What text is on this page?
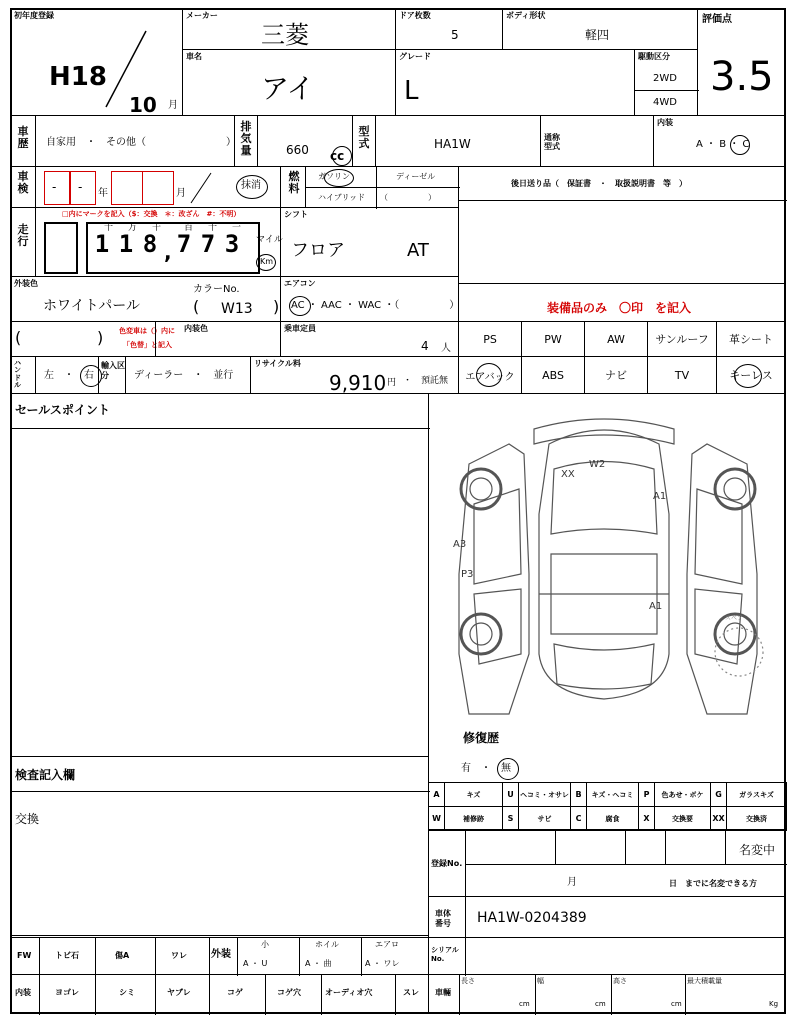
初年度登録
H18
10 月
メーカー
三菱
ドア枚数
5
ボディ形状
軽四
評価点
3.5
車名
アイ
グレード
L
駆動区分
2WD
4WD
車歴 自家用　・　その他（　　　　　　　　）
排気量	660 cc
型式	HA1W	通称型式
内装
A ・ B ・ C
車検 - - 年	月
抹消
燃料
ガソリン	ディーゼル
ハイブリッド （　　　　　）
後日送り品（　保証書　・　取扱説明書　等　）
走行
□内にマークを記入（$：交換　＊：改ざん　#：不明）
十 万 千	百 十 一
1 1 8 , 7 7 3	マイル
Km
シフト
フロア	AT
外装色
ホワイトパール
カラーNo.
( W13 )
エアコン
AC ・ AAC ・ WAC ・（　　　　　）	装備品のみ　〇印　を記入
(	) 色変車は（）内に
「色替」と記入
内装色	乗車定員
4 人
PS	PW	AW	サンルーフ	革シート
エアバック	ABS	ナビ	TV	キーレス
ハンドル
左　・　右
輸入区分	ディーラー　・　並行
リサイクル料
9,910 円 ・　預託無
セールスポイント
XX
W2
A1
A3
P3
A1
スペア
修復歴
有　・　無
検査記入欄
交換
A	キズ	U ヘコミ・オサレ B	キズ・ヘコミ	P	色あせ・ボケ	G	ガラスキズ
W	補修跡	S	サビ	C	腐食	X	交換要	XX	交換済
登録No.
名変中
月	日　までに名変できる方
車体番号 HA1W-0204389
FW	トビ石	傷A	ワレ 外装
小
A ・ U
ホイル
A ・ 曲
エアロ
A ・ ワレ
シリアルNo.
内装	ヨゴレ	シミ	ヤブレ	コゲ	コゲ穴	オーディオ穴	スレ 車輛
長さ
cm
幅
cm
高さ
cm
最大積載量
Kg
